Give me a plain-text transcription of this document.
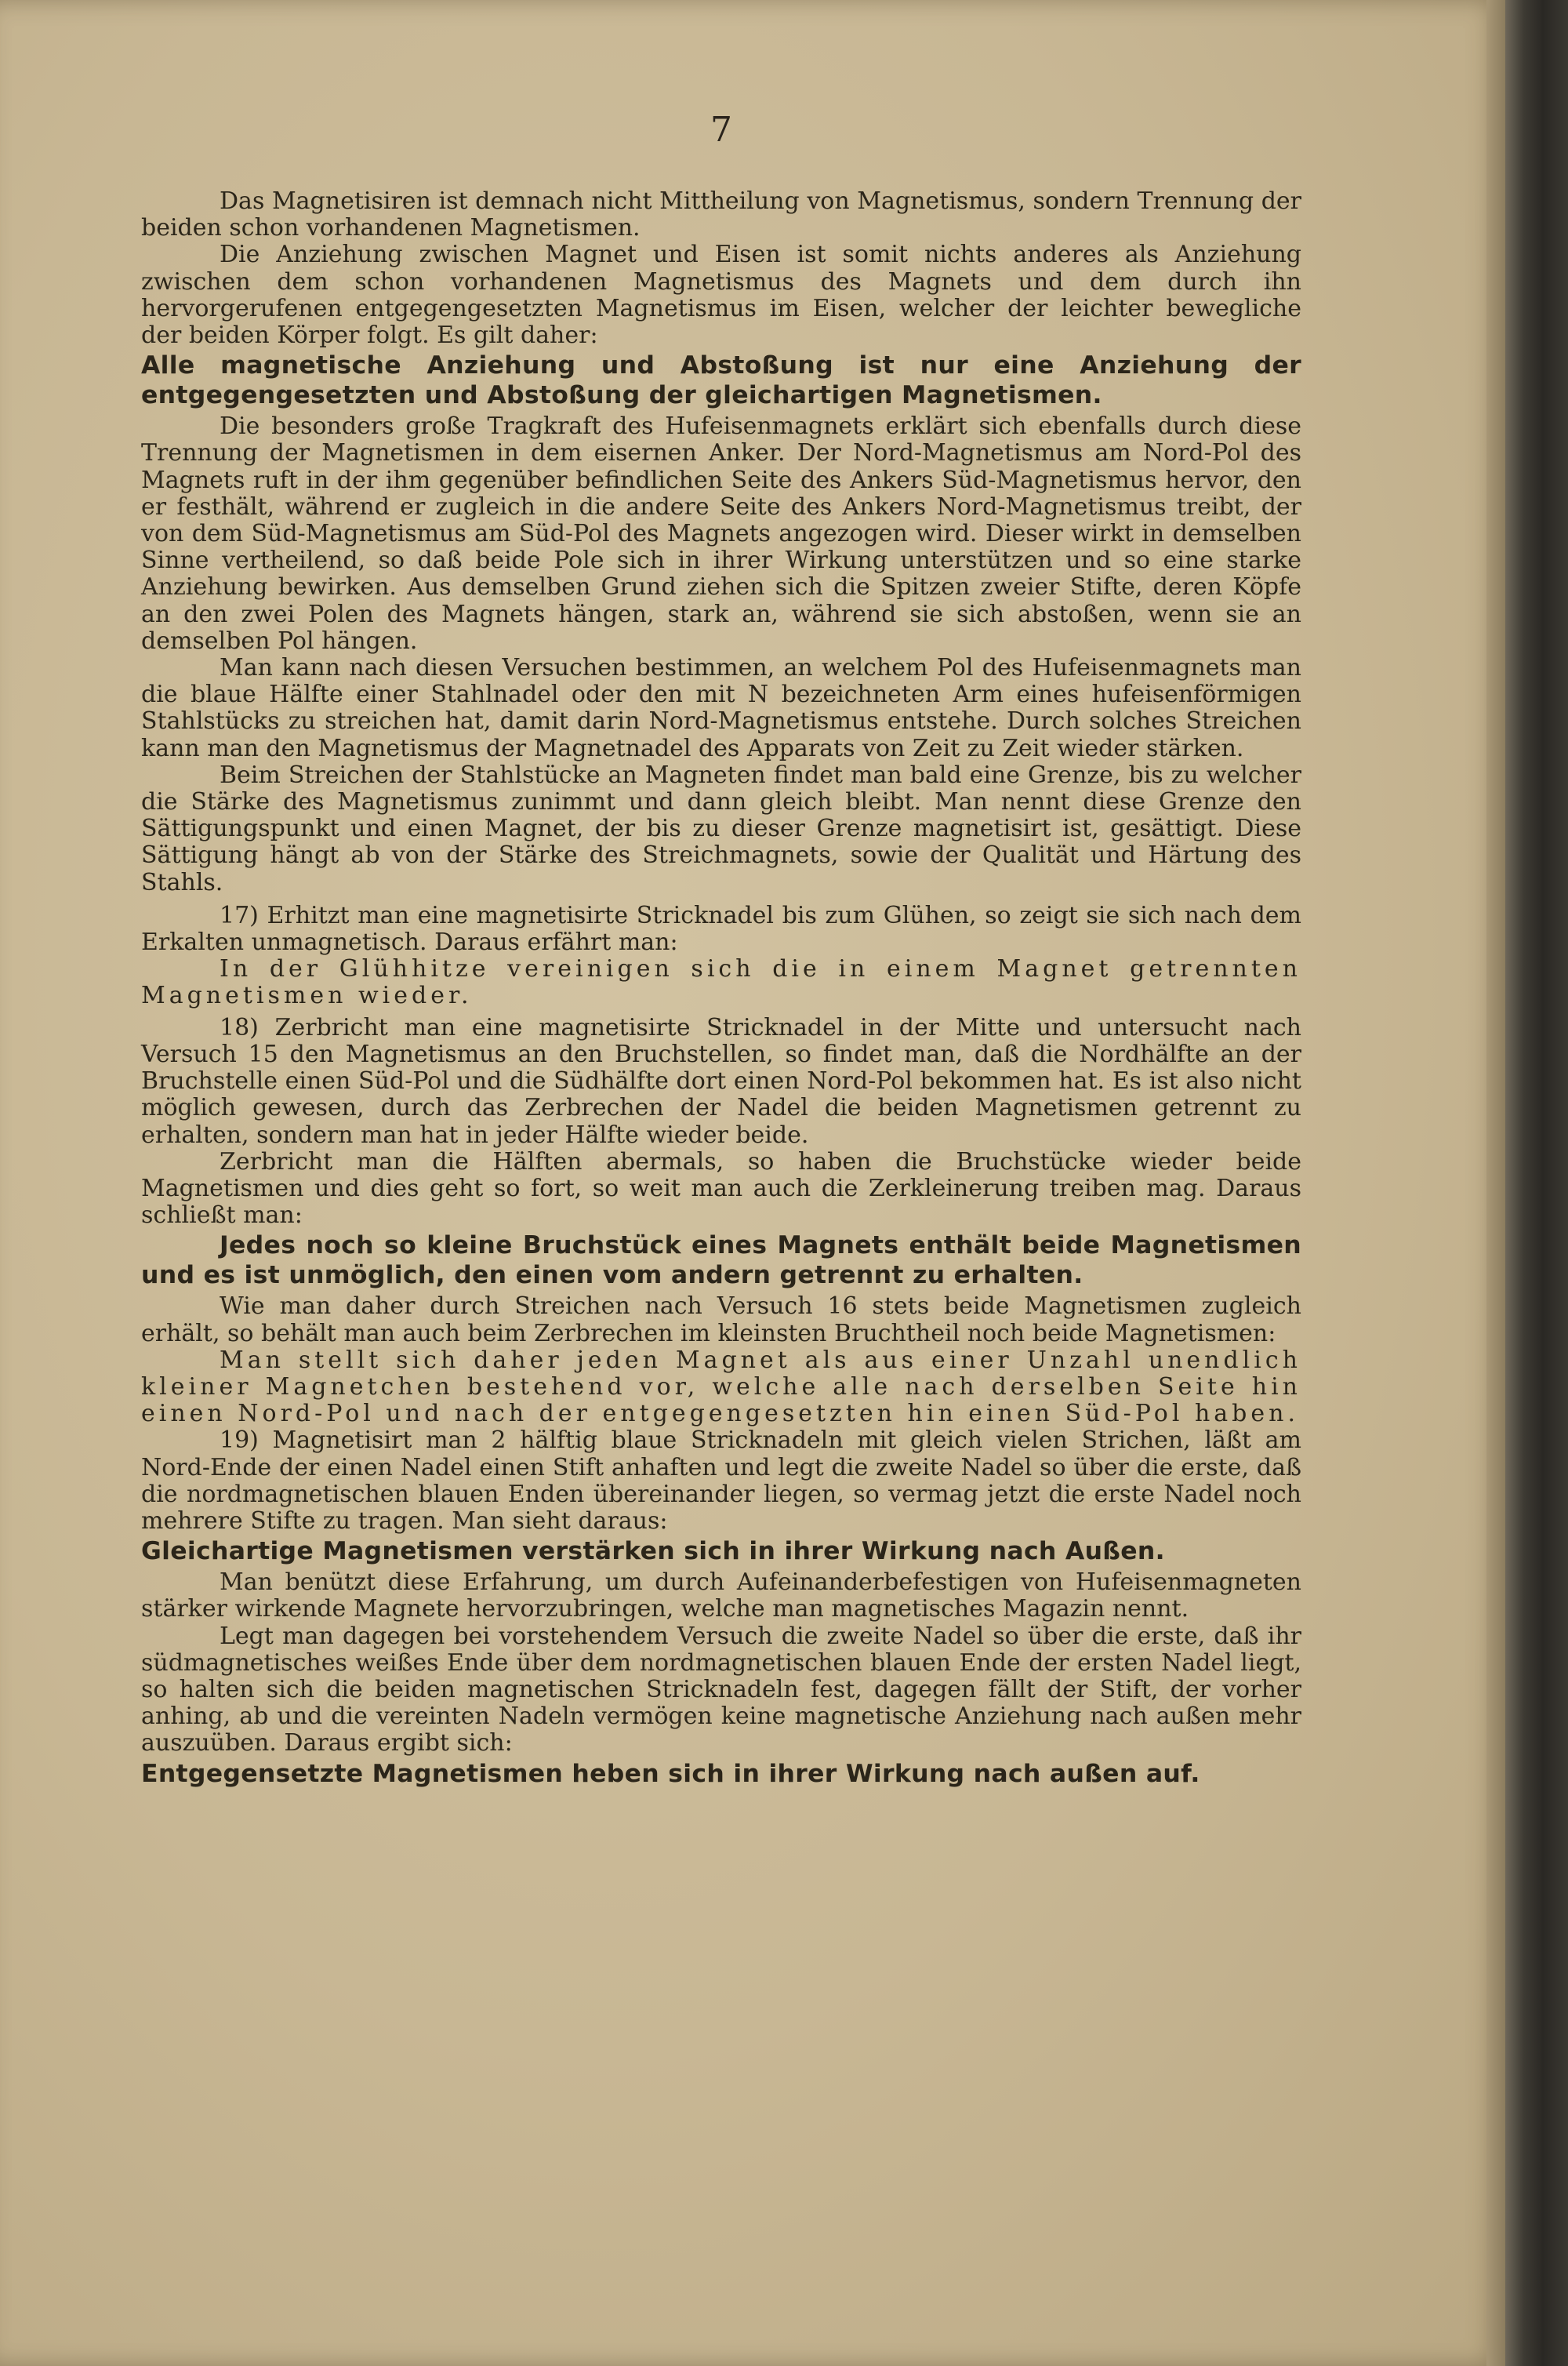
7

Das Magnetisiren ist demnach nicht Mittheilung von Magnetismus, sondern Trennung der beiden schon vorhandenen Magnetismen.

Die Anziehung zwischen Magnet und Eisen ist somit nichts anderes als Anziehung zwischen dem schon vorhandenen Magnetismus des Magnets und dem durch ihn hervorgerufenen entgegengesetzten Magnetismus im Eisen, welcher der leichter bewegliche der beiden Körper folgt. Es gilt daher:

Alle magnetische Anziehung und Abstoßung ist nur eine Anziehung der entgegengesetzten und Abstoßung der gleichartigen Magnetismen.

Die besonders große Tragkraft des Hufeisenmagnets erklärt sich ebenfalls durch diese Trennung der Magnetismen in dem eisernen Anker. Der Nord-Magnetismus am Nord-Pol des Magnets ruft in der ihm gegenüber befindlichen Seite des Ankers Süd-Magnetismus hervor, den er festhält, während er zugleich in die andere Seite des Ankers Nord-Magnetismus treibt, der von dem Süd-Magnetismus am Süd-Pol des Magnets angezogen wird. Dieser wirkt in demselben Sinne vertheilend, so daß beide Pole sich in ihrer Wirkung unterstützen und so eine starke Anziehung bewirken. Aus demselben Grund ziehen sich die Spitzen zweier Stifte, deren Köpfe an den zwei Polen des Magnets hängen, stark an, während sie sich abstoßen, wenn sie an demselben Pol hängen.

Man kann nach diesen Versuchen bestimmen, an welchem Pol des Hufeisenmagnets man die blaue Hälfte einer Stahlnadel oder den mit N bezeichneten Arm eines hufeisenförmigen Stahlstücks zu streichen hat, damit darin Nord-Magnetismus entstehe. Durch solches Streichen kann man den Magnetismus der Magnetnadel des Apparats von Zeit zu Zeit wieder stärken.

Beim Streichen der Stahlstücke an Magneten findet man bald eine Grenze, bis zu welcher die Stärke des Magnetismus zunimmt und dann gleich bleibt. Man nennt diese Grenze den Sättigungspunkt und einen Magnet, der bis zu dieser Grenze magnetisirt ist, gesättigt. Diese Sättigung hängt ab von der Stärke des Streichmagnets, sowie der Qualität und Härtung des Stahls.

17) Erhitzt man eine magnetisirte Stricknadel bis zum Glühen, so zeigt sie sich nach dem Erkalten unmagnetisch. Daraus erfährt man:

In der Glühhitze vereinigen sich die in einem Magnet getrennten Magnetismen wieder.

18) Zerbricht man eine magnetisirte Stricknadel in der Mitte und untersucht nach Versuch 15 den Magnetismus an den Bruchstellen, so findet man, daß die Nordhälfte an der Bruchstelle einen Süd-Pol und die Südhälfte dort einen Nord-Pol bekommen hat. Es ist also nicht möglich gewesen, durch das Zerbrechen der Nadel die beiden Magnetismen getrennt zu erhalten, sondern man hat in jeder Hälfte wieder beide.

Zerbricht man die Hälften abermals, so haben die Bruchstücke wieder beide Magnetismen und dies geht so fort, so weit man auch die Zerkleinerung treiben mag. Daraus schließt man:

Jedes noch so kleine Bruchstück eines Magnets enthält beide Magnetismen und es ist unmöglich, den einen vom andern getrennt zu erhalten.

Wie man daher durch Streichen nach Versuch 16 stets beide Magnetismen zugleich erhält, so behält man auch beim Zerbrechen im kleinsten Bruchtheil noch beide Magnetismen:

Man stellt sich daher jeden Magnet als aus einer Unzahl unendlich kleiner Magnetchen bestehend vor, welche alle nach derselben Seite hin einen Nord-Pol und nach der entgegengesetzten hin einen Süd-Pol haben.

19) Magnetisirt man 2 hälftig blaue Stricknadeln mit gleich vielen Strichen, läßt am Nord-Ende der einen Nadel einen Stift anhaften und legt die zweite Nadel so über die erste, daß die nordmagnetischen blauen Enden übereinander liegen, so vermag jetzt die erste Nadel noch mehrere Stifte zu tragen. Man sieht daraus:

Gleichartige Magnetismen verstärken sich in ihrer Wirkung nach Außen.

Man benützt diese Erfahrung, um durch Aufeinanderbefestigen von Hufeisenmagneten stärker wirkende Magnete hervorzubringen, welche man magnetisches Magazin nennt.

Legt man dagegen bei vorstehendem Versuch die zweite Nadel so über die erste, daß ihr südmagnetisches weißes Ende über dem nordmagnetischen blauen Ende der ersten Nadel liegt, so halten sich die beiden magnetischen Stricknadeln fest, dagegen fällt der Stift, der vorher anhing, ab und die vereinten Nadeln vermögen keine magnetische Anziehung nach außen mehr auszuüben. Daraus ergibt sich:

Entgegensetzte Magnetismen heben sich in ihrer Wirkung nach außen auf.
